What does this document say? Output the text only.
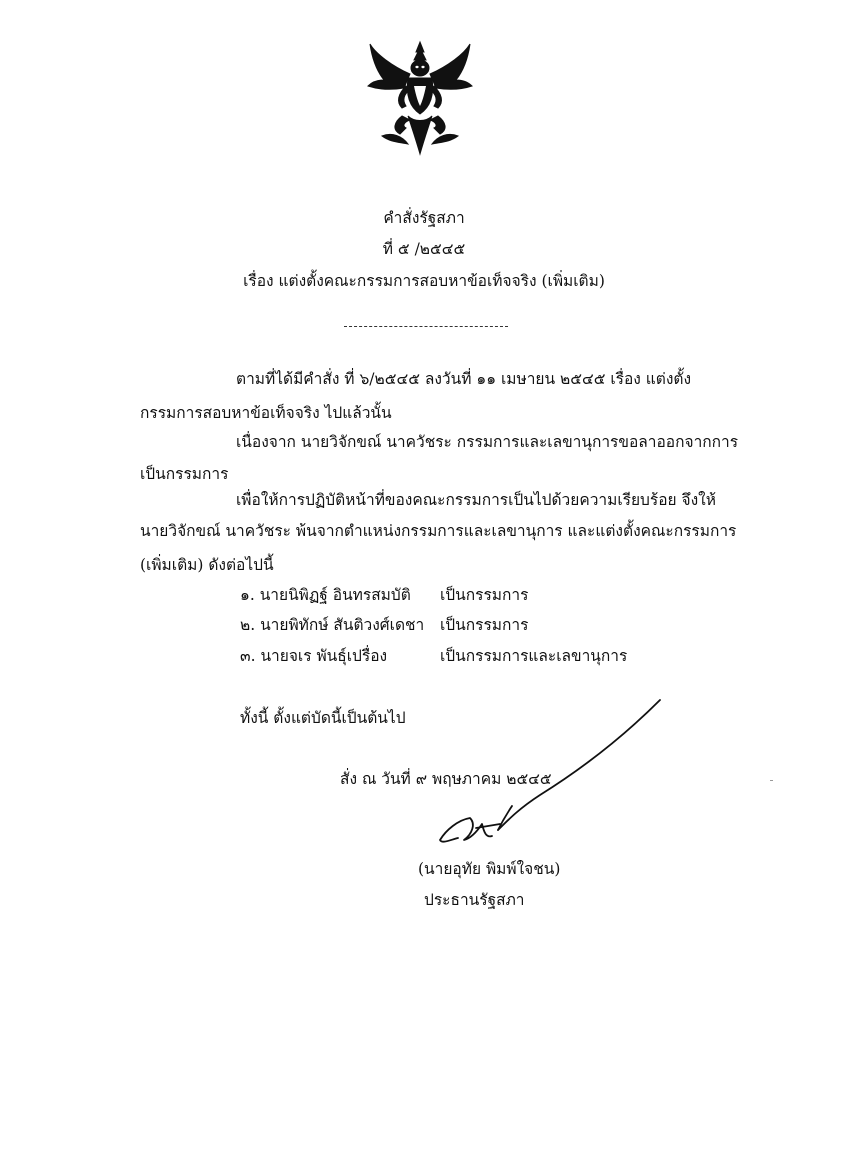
คำสั่งรัฐสภา
ที่ ๕ /๒๕๔๕
เรื่อง แต่งตั้งคณะกรรมการสอบหาข้อเท็จจริง (เพิ่มเติม)
ตามที่ได้มีคำสั่ง ที่ ๖/๒๕๔๕ ลงวันที่ ๑๑ เมษายน ๒๕๔๕ เรื่อง แต่งตั้ง
กรรมการสอบหาข้อเท็จจริง ไปแล้วนั้น
เนื่องจาก นายวิจักขณ์ นาควัชระ กรรมการและเลขานุการขอลาออกจากการ
เป็นกรรมการ
เพื่อให้การปฏิบัติหน้าที่ของคณะกรรมการเป็นไปด้วยความเรียบร้อย จึงให้
นายวิจักขณ์ นาควัชระ พ้นจากตำแหน่งกรรมการและเลขานุการ และแต่งตั้งคณะกรรมการ
(เพิ่มเติม) ดังต่อไปนี้
๑. นายนิพิฏฐ์ อินทรสมบัติ เป็นกรรมการ
๒. นายพิทักษ์ สันติวงศ์เดชา เป็นกรรมการ
๓. นายจเร พันธุ์เปรื่อง	เป็นกรรมการและเลขานุการ
ทั้งนี้ ตั้งแต่บัดนี้เป็นต้นไป
สั่ง ณ วันที่ ๙ พฤษภาคม ๒๕๔๕
(นายอุทัย พิมพ์ใจชน)
ประธานรัฐสภา
